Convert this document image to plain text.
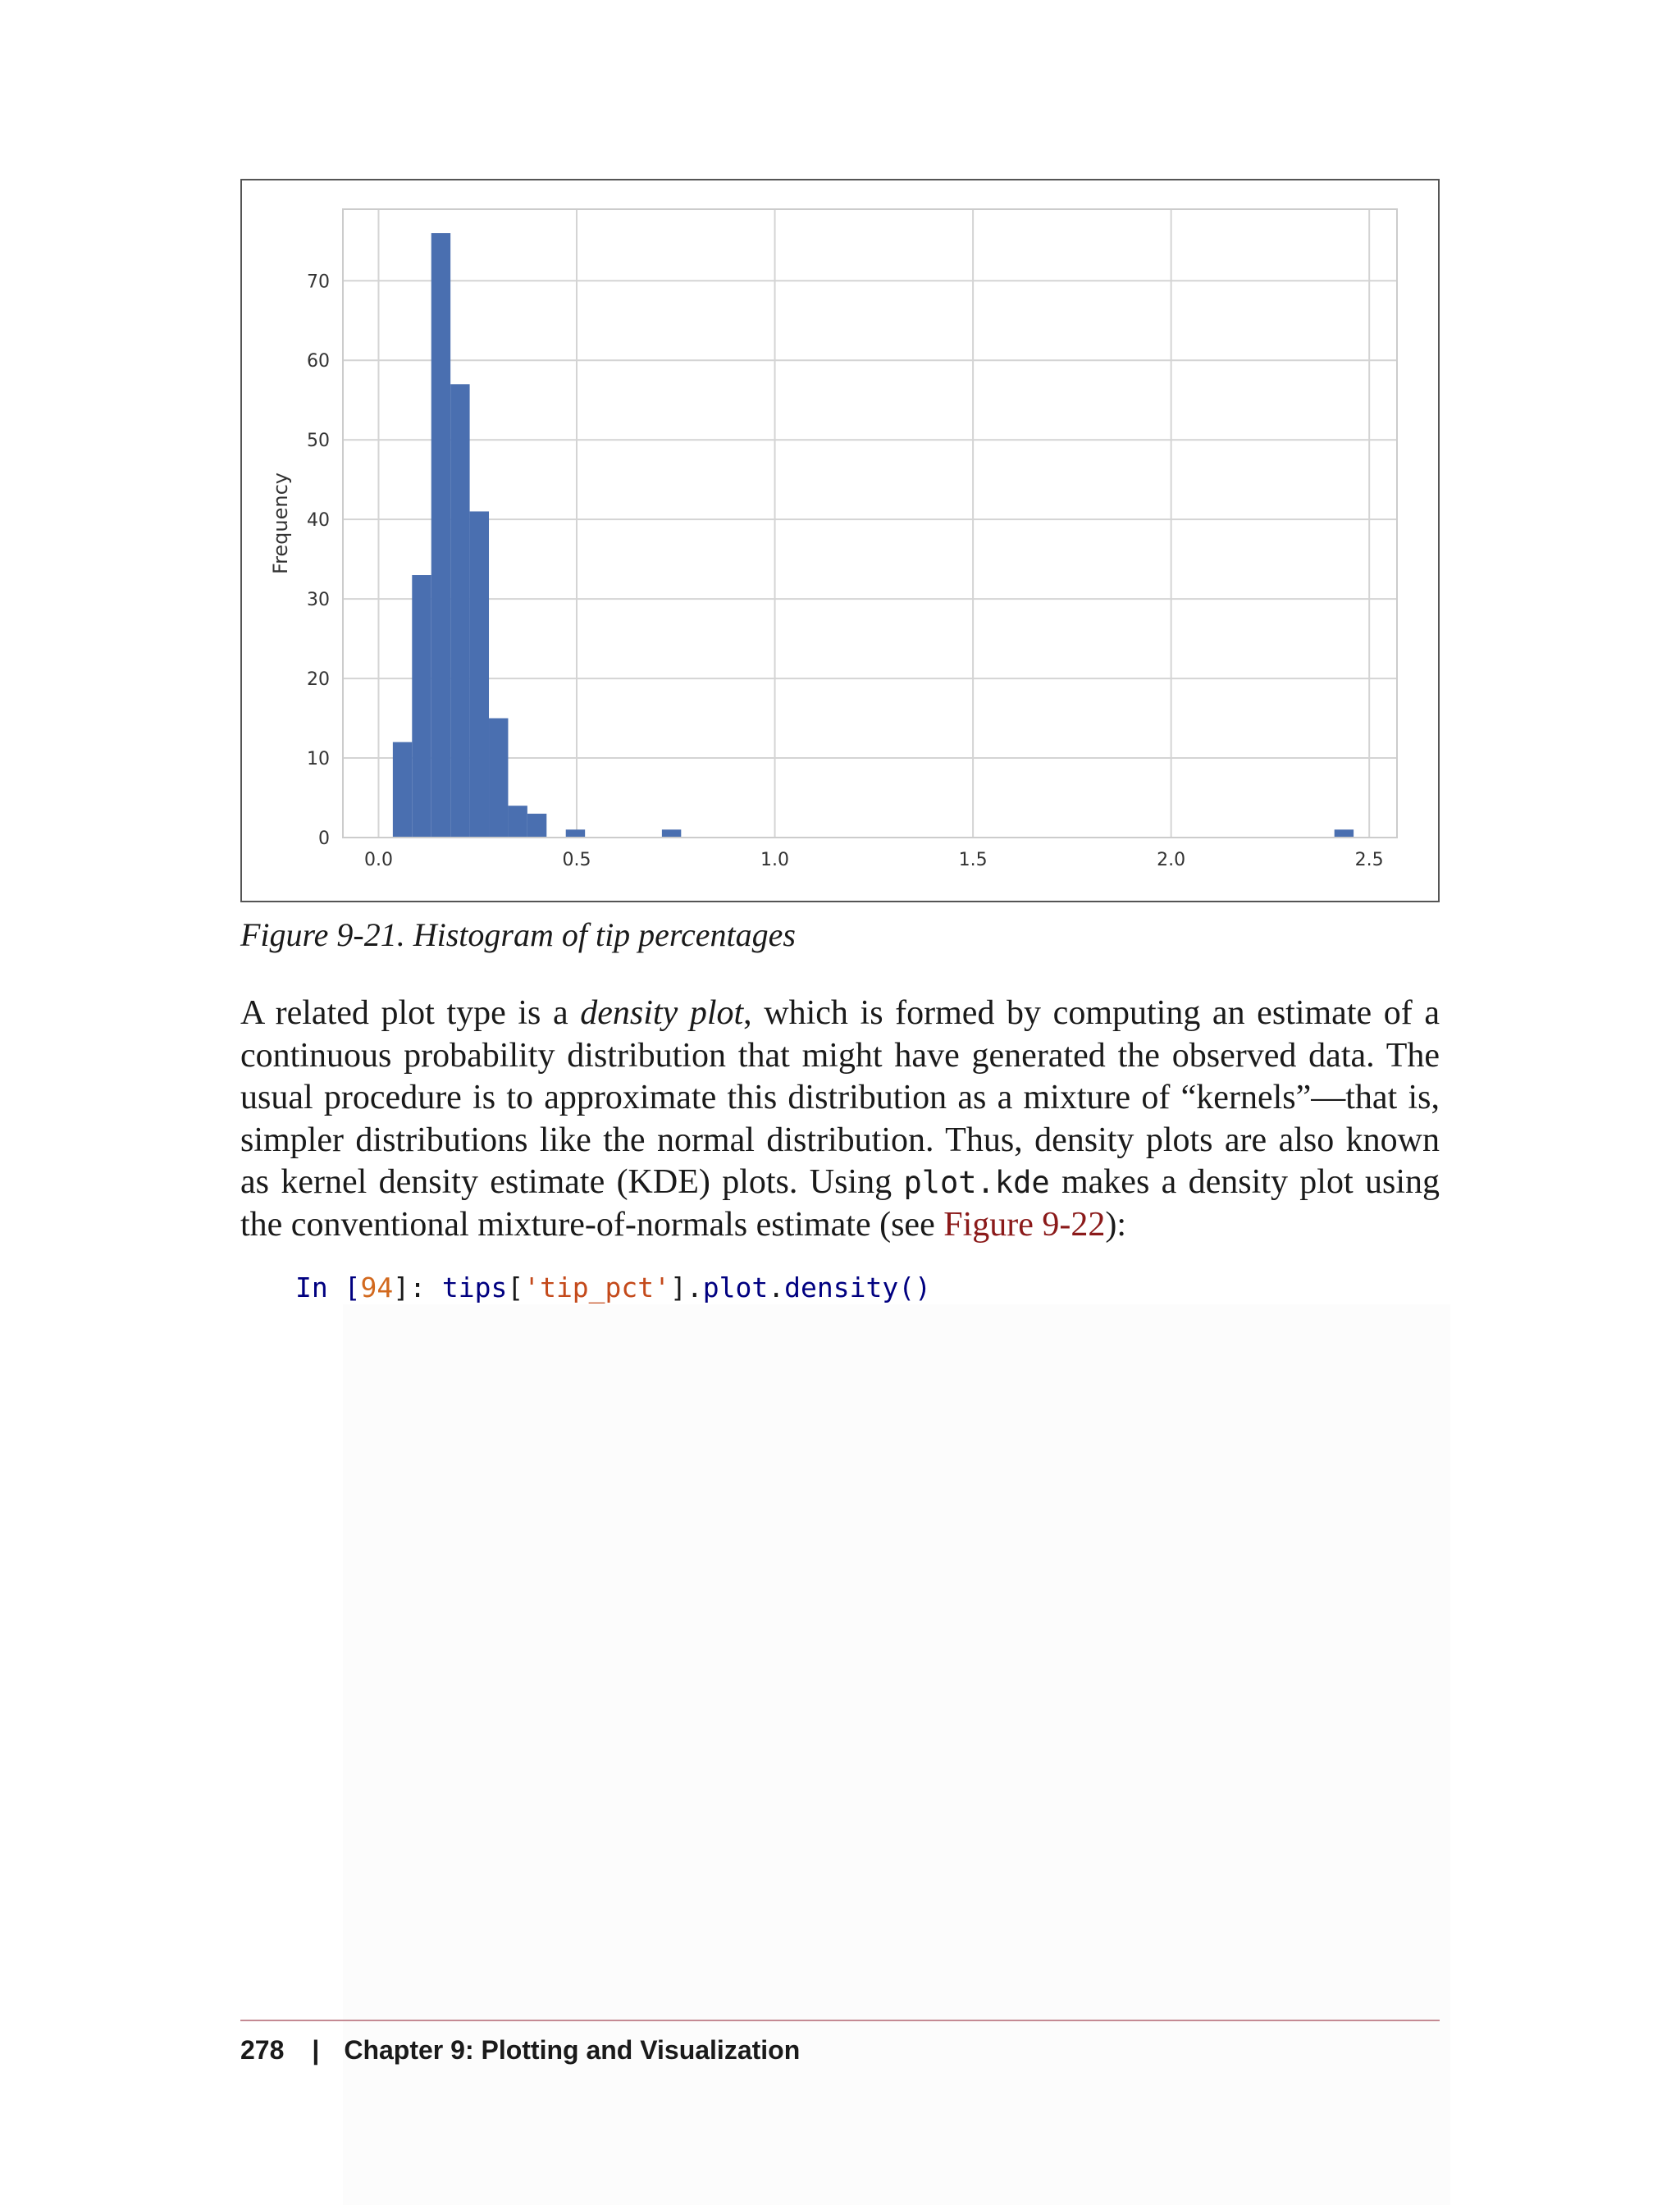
0
10
20
30
40
50
60
70
0.0	0.5	1.0	1.5	2.0	2.5
Frequency
Figure 9-21. Histogram of tip percentages
A related plot type is a density plot, which is formed by computing an estimate of a continuous probability distribution that might have generated the observed data. The usual procedure is to approximate this distribution as a mixture of “kernels”—that is, simpler distributions like the normal distribution. Thus, density plots are also known as kernel density estimate (KDE) plots. Using plot.kde makes a density plot using the conventional mixture-of-normals estimate (see Figure 9-22):
In [94]: tips['tip_pct'].plot.density()
278 | Chapter 9: Plotting and Visualization
